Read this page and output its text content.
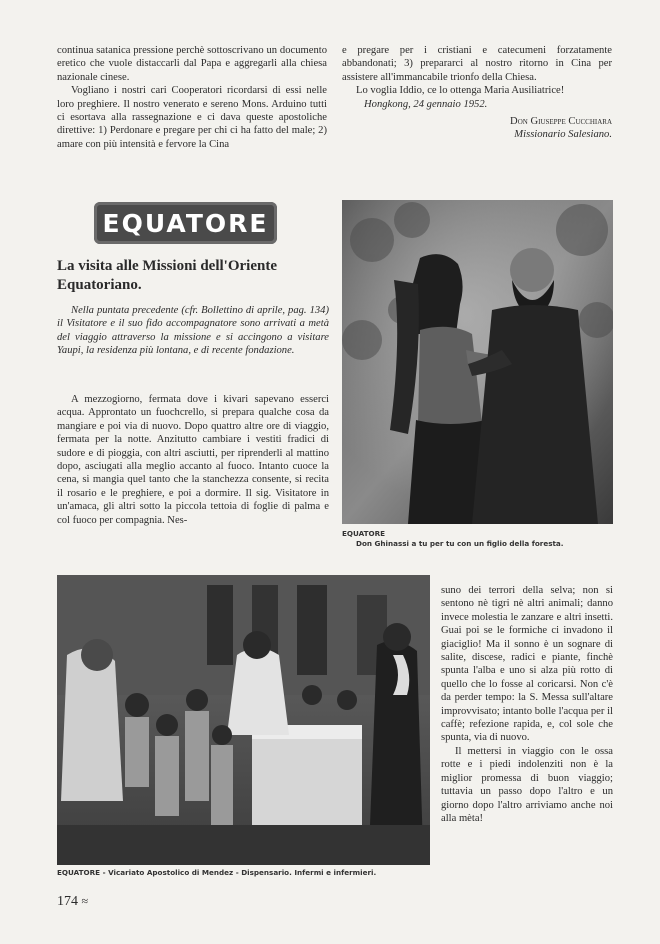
continua satanica pressione perchè sottoscrivano un documento eretico che vuole distaccarli dal Papa e aggregarli alla chiesa nazionale cinese.

Vogliano i nostri cari Cooperatori ricordarsi di essi nelle loro preghiere. Il nostro venerato e sereno Mons. Arduino tutti ci esortava alla rassegnazione e ci dava queste apostoliche direttive: 1) Perdonare e pregare per chi ci ha fatto del male; 2) amare con più intensità e fervore la Cina

e pregare per i cristiani e catecumeni forzatamente abbandonati; 3) prepararci al nostro ritorno in Cina per assistere all'immancabile trionfo della Chiesa.

Lo voglia Iddio, ce lo ottenga Maria Ausiliatrice!

Hongkong, 24 gennaio 1952.

Don Giuseppe Cucchiara
Missionario Salesiano.
EQUATORE
La visita alle Missioni dell'Oriente Equatoriano.

Nella puntata precedente (cfr. Bollettino di aprile, pag. 134) il Visitatore e il suo fido accompagnatore sono arrivati a metà del viaggio attraverso la missione e si accingono a visitare Yaupi, la residenza più lontana, e di recente fondazione.

A mezzogiorno, fermata dove i kivari sapevano esserci acqua. Approntato un fuochcrello, si prepara qualche cosa da mangiare e poi via di nuovo. Dopo quattro altre ore di viaggio, fermata per la notte. Anzitutto cambiare i vestiti fradici di sudore e di pioggia, con altri asciutti, per riprenderli al mattino dopo, asciugati alla meglio accanto al fuoco. Intanto cuoce la cena, si mangia quel tanto che la stanchezza consente, si recita il rosario e le preghiere, e poi a dormire. Il sig. Visitatore in un'amaca, gli altri sotto la piccola tettoia di foglie di palma e col fuoco per compagnia. Nes-

suno dei terrori della selva; non si sentono nè tigri nè altri animali; danno invece molestia le zanzare e altri insetti. Guai poi se le formiche ci invadono il giaciglio! Ma il sonno è un sognare di salite, discese, radici e piante, finchè spunta l'alba e uno si alza più rotto di quello che lo fosse al coricarsi. Non c'è da perder tempo: la S. Messa sull'altare improvvisato; intanto bolle l'acqua per il caffè; refezione rapida, e, col sole che spunta, via di nuovo.

Il mettersi in viaggio con le ossa rotte e i piedi indolenziti non è la miglior promessa di buon viaggio; tuttavia un passo dopo l'altro e un giorno dopo l'altro arriviamo anche noi alla mèta!

EQUATORE
Don Ghinassi a tu per tu con un figlio della foresta.
EQUATORE - Vicariato Apostolico di Mendez - Dispensario. Infermi e infermieri.
174 ≈
